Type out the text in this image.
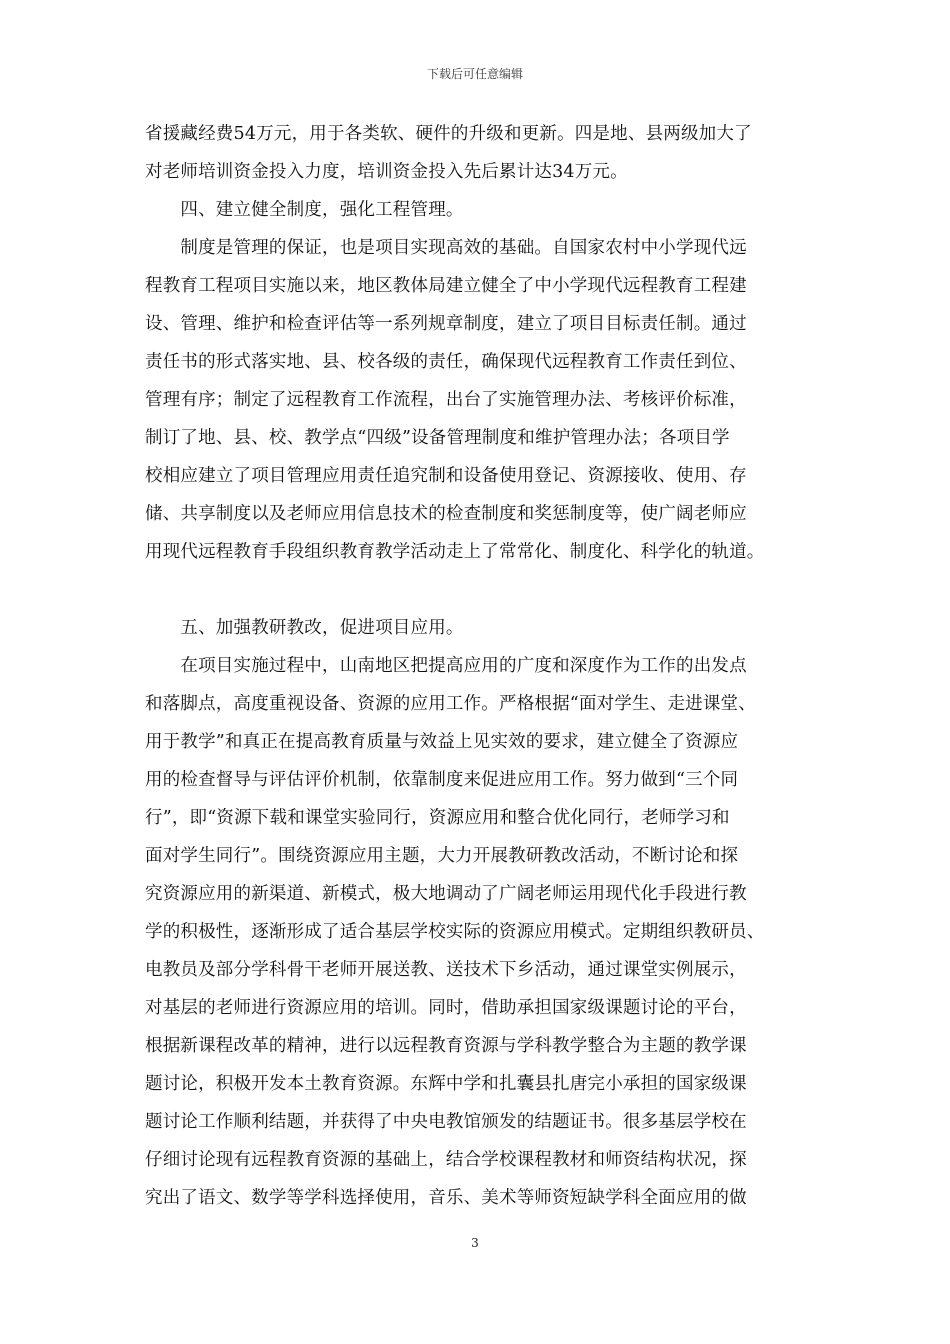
下载后可任意编辑
省援藏经费54万元，用于各类软、硬件的升级和更新。四是地、县两级加大了
对老师培训资金投入力度，培训资金投入先后累计达34万元。
　　四、建立健全制度，强化工程管理。
　　制度是管理的保证，也是项目实现高效的基础。自国家农村中小学现代远
程教育工程项目实施以来，地区教体局建立健全了中小学现代远程教育工程建
设、管理、维护和检查评估等一系列规章制度，建立了项目目标责任制。通过
责任书的形式落实地、县、校各级的责任，确保现代远程教育工作责任到位、
管理有序；制定了远程教育工作流程，出台了实施管理办法、考核评价标准，
制订了地、县、校、教学点“四级”设备管理制度和维护管理办法；各项目学
校相应建立了项目管理应用责任追究制和设备使用登记、资源接收、使用、存
储、共享制度以及老师应用信息技术的检查制度和奖惩制度等，使广阔老师应
用现代远程教育手段组织教育教学活动走上了常常化、制度化、科学化的轨道。
　　五、加强教研教改，促进项目应用。
　　在项目实施过程中，山南地区把提高应用的广度和深度作为工作的出发点
和落脚点，高度重视设备、资源的应用工作。严格根据“面对学生、走进课堂、
用于教学”和真正在提高教育质量与效益上见实效的要求，建立健全了资源应
用的检查督导与评估评价机制，依靠制度来促进应用工作。努力做到“三个同
行”，即“资源下载和课堂实验同行，资源应用和整合优化同行，老师学习和
面对学生同行”。围绕资源应用主题，大力开展教研教改活动，不断讨论和探
究资源应用的新渠道、新模式，极大地调动了广阔老师运用现代化手段进行教
学的积极性，逐渐形成了适合基层学校实际的资源应用模式。定期组织教研员、
电教员及部分学科骨干老师开展送教、送技术下乡活动，通过课堂实例展示，
对基层的老师进行资源应用的培训。同时，借助承担国家级课题讨论的平台，
根据新课程改革的精神，进行以远程教育资源与学科教学整合为主题的教学课
题讨论，积极开发本土教育资源。东辉中学和扎囊县扎唐完小承担的国家级课
题讨论工作顺利结题，并获得了中央电教馆颁发的结题证书。很多基层学校在
仔细讨论现有远程教育资源的基础上，结合学校课程教材和师资结构状况，探
究出了语文、数学等学科选择使用，音乐、美术等师资短缺学科全面应用的做
3
